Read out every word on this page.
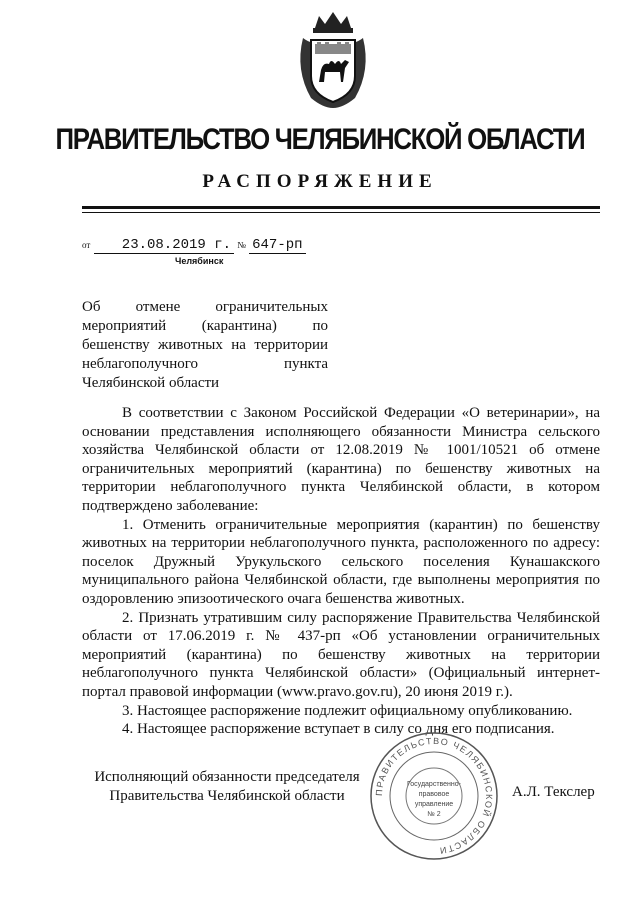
ПРАВИТЕЛЬСТВО ЧЕЛЯБИНСКОЙ ОБЛАСТИ
РАСПОРЯЖЕНИЕ
от 23.08.2019 г. № 647-рп
Челябинск
Об отмене ограничительных мероприятий (карантина) по бешенству животных на территории неблагополучного пункта Челябинской области

В соответствии с Законом Российской Федерации «О ветеринарии», на основании представления исполняющего обязанности Министра сельского хозяйства Челябинской области от 12.08.2019 № 1001/10521 об отмене ограничительных мероприятий (карантина) по бешенству животных на территории неблагополучного пункта Челябинской области, в котором подтверждено заболевание:

1. Отменить ограничительные мероприятия (карантин) по бешенству животных на территории неблагополучного пункта, расположенного по адресу: поселок Дружный Урукульского сельского поселения Кунашакского муниципального района Челябинской области, где выполнены мероприятия по оздоровлению эпизоотического очага бешенства животных.

2. Признать утратившим силу распоряжение Правительства Челябинской области от 17.06.2019 г. № 437-рп «Об установлении ограничительных мероприятий (карантина) по бешенству животных на территории неблагополучного пункта Челябинской области» (Официальный интернет-портал правовой информации (www.pravo.gov.ru), 20 июня 2019 г.).

3. Настоящее распоряжение подлежит официальному опубликованию.

4. Настоящее распоряжение вступает в силу со дня его подписания.

Исполняющий обязанности председателя
Правительства Челябинской области	А.Л. Текслер
ПРАВИТЕЛЬСТВО ЧЕЛЯБИНСКОЙ ОБЛАСТИ
Государственно-
правовое
управление
№ 2
